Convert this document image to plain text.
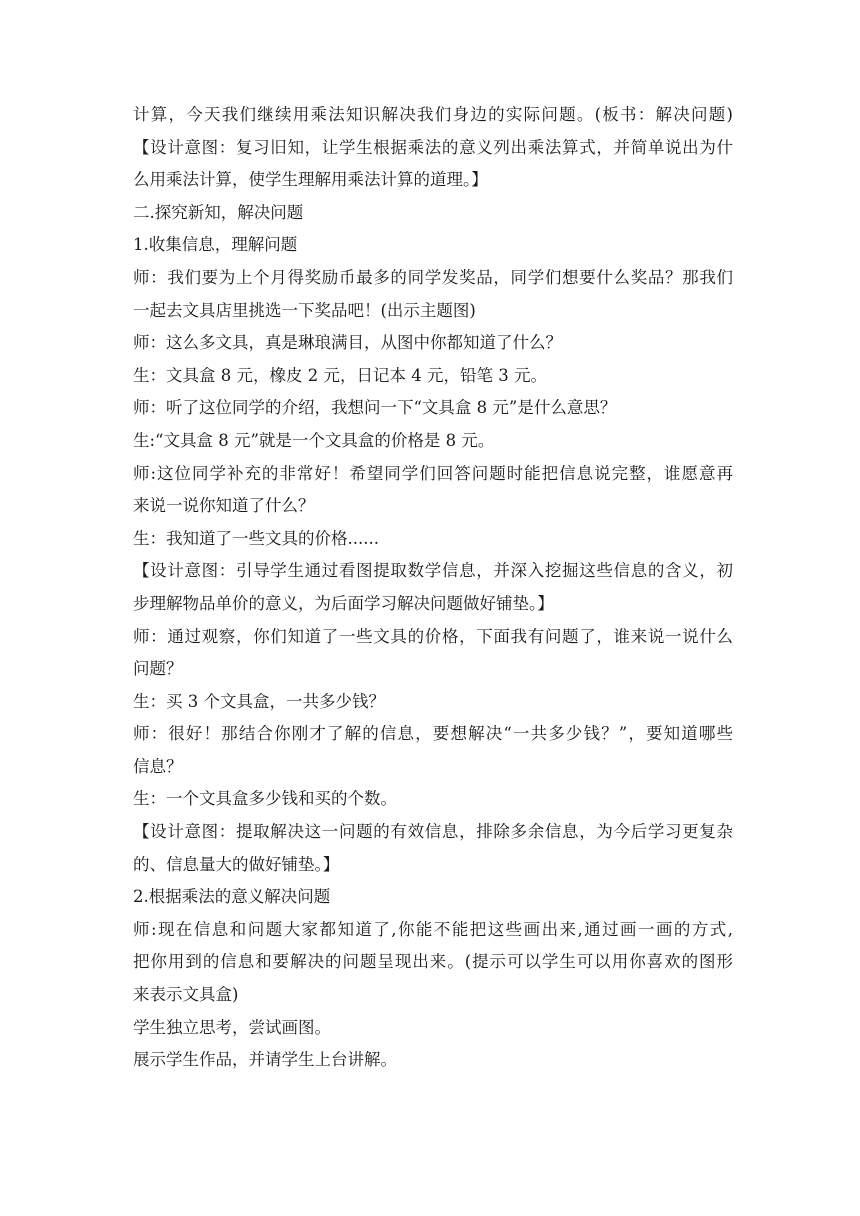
计算，今天我们继续用乘法知识解决我们身边的实际问题。(板书：解决问题)
【设计意图：复习旧知，让学生根据乘法的意义列出乘法算式，并简单说出为什
么用乘法计算，使学生理解用乘法计算的道理。】
二.探究新知，解决问题
1.收集信息，理解问题
师：我们要为上个月得奖励币最多的同学发奖品，同学们想要什么奖品？那我们
一起去文具店里挑选一下奖品吧！(出示主题图)
师：这么多文具，真是琳琅满目，从图中你都知道了什么？
生：文具盒 8 元，橡皮 2 元，日记本 4 元，铅笔 3 元。
师：听了这位同学的介绍，我想问一下“文具盒 8 元”是什么意思？
生:“文具盒 8 元”就是一个文具盒的价格是 8 元。
师:这位同学补充的非常好！希望同学们回答问题时能把信息说完整，谁愿意再
来说一说你知道了什么？
生：我知道了一些文具的价格......
【设计意图：引导学生通过看图提取数学信息，并深入挖掘这些信息的含义，初
步理解物品单价的意义，为后面学习解决问题做好铺垫。】
师：通过观察，你们知道了一些文具的价格，下面我有问题了，谁来说一说什么
问题？
生：买 3 个文具盒，一共多少钱？
师：很好！那结合你刚才了解的信息，要想解决“一共多少钱？”，要知道哪些
信息？
生：一个文具盒多少钱和买的个数。
【设计意图：提取解决这一问题的有效信息，排除多余信息，为今后学习更复杂
的、信息量大的做好铺垫。】
2.根据乘法的意义解决问题
师:现在信息和问题大家都知道了,你能不能把这些画出来,通过画一画的方式,
把你用到的信息和要解决的问题呈现出来。(提示可以学生可以用你喜欢的图形
来表示文具盒)
学生独立思考，尝试画图。
展示学生作品，并请学生上台讲解。
